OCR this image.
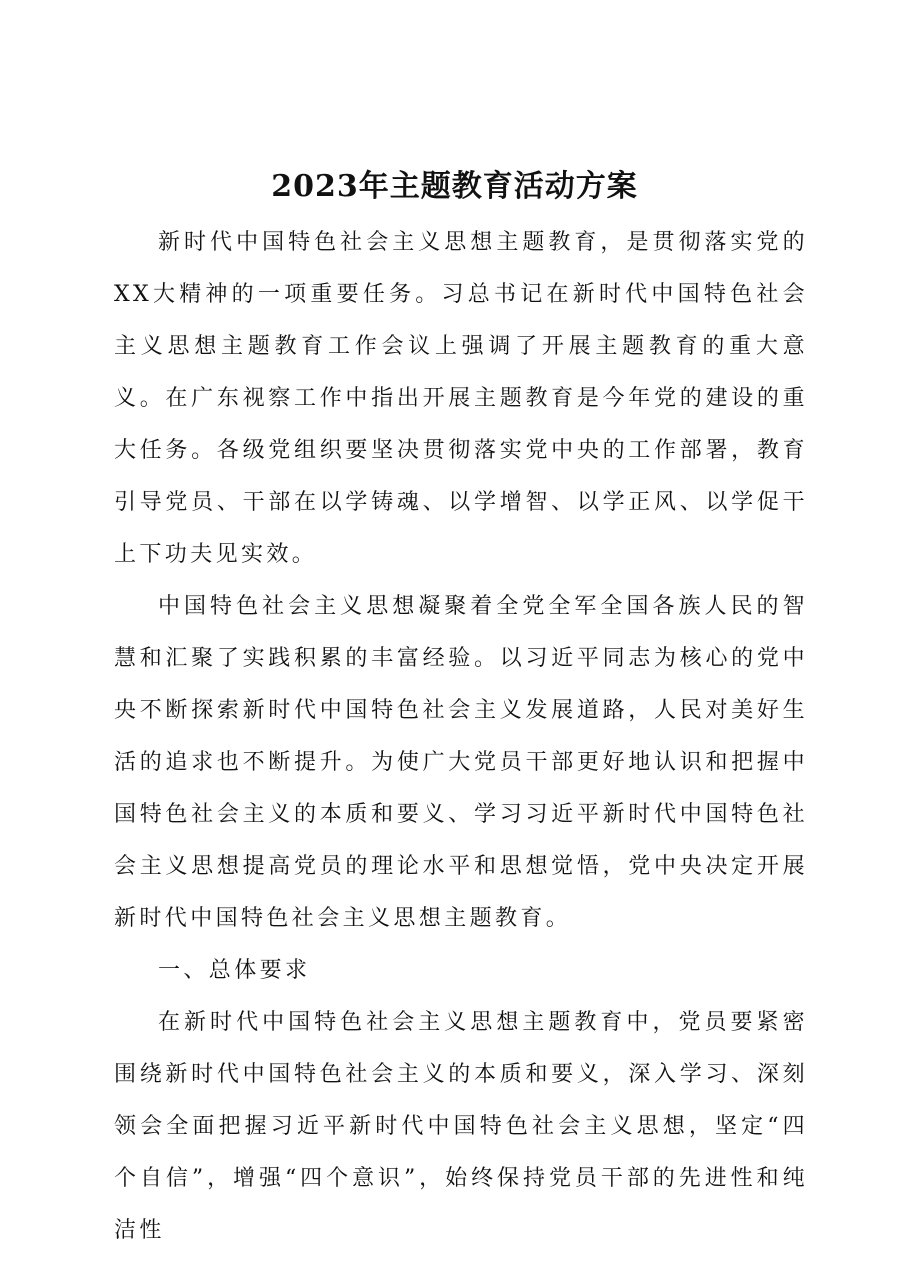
2023年主题教育活动方案

新时代中国特色社会主义思想主题教育，是贯彻落实党的XX大精神的一项重要任务。习总书记在新时代中国特色社会主义思想主题教育工作会议上强调了开展主题教育的重大意义。在广东视察工作中指出开展主题教育是今年党的建设的重大任务。各级党组织要坚决贯彻落实党中央的工作部署，教育引导党员、干部在以学铸魂、以学增智、以学正风、以学促干上下功夫见实效。

中国特色社会主义思想凝聚着全党全军全国各族人民的智慧和汇聚了实践积累的丰富经验。以习近平同志为核心的党中央不断探索新时代中国特色社会主义发展道路，人民对美好生活的追求也不断提升。为使广大党员干部更好地认识和把握中国特色社会主义的本质和要义、学习习近平新时代中国特色社会主义思想提高党员的理论水平和思想觉悟，党中央决定开展新时代中国特色社会主义思想主题教育。

一、总体要求

在新时代中国特色社会主义思想主题教育中，党员要紧密围绕新时代中国特色社会主义的本质和要义，深入学习、深刻领会全面把握习近平新时代中国特色社会主义思想，坚定“四个自信”，增强“四个意识”，始终保持党员干部的先进性和纯洁性
